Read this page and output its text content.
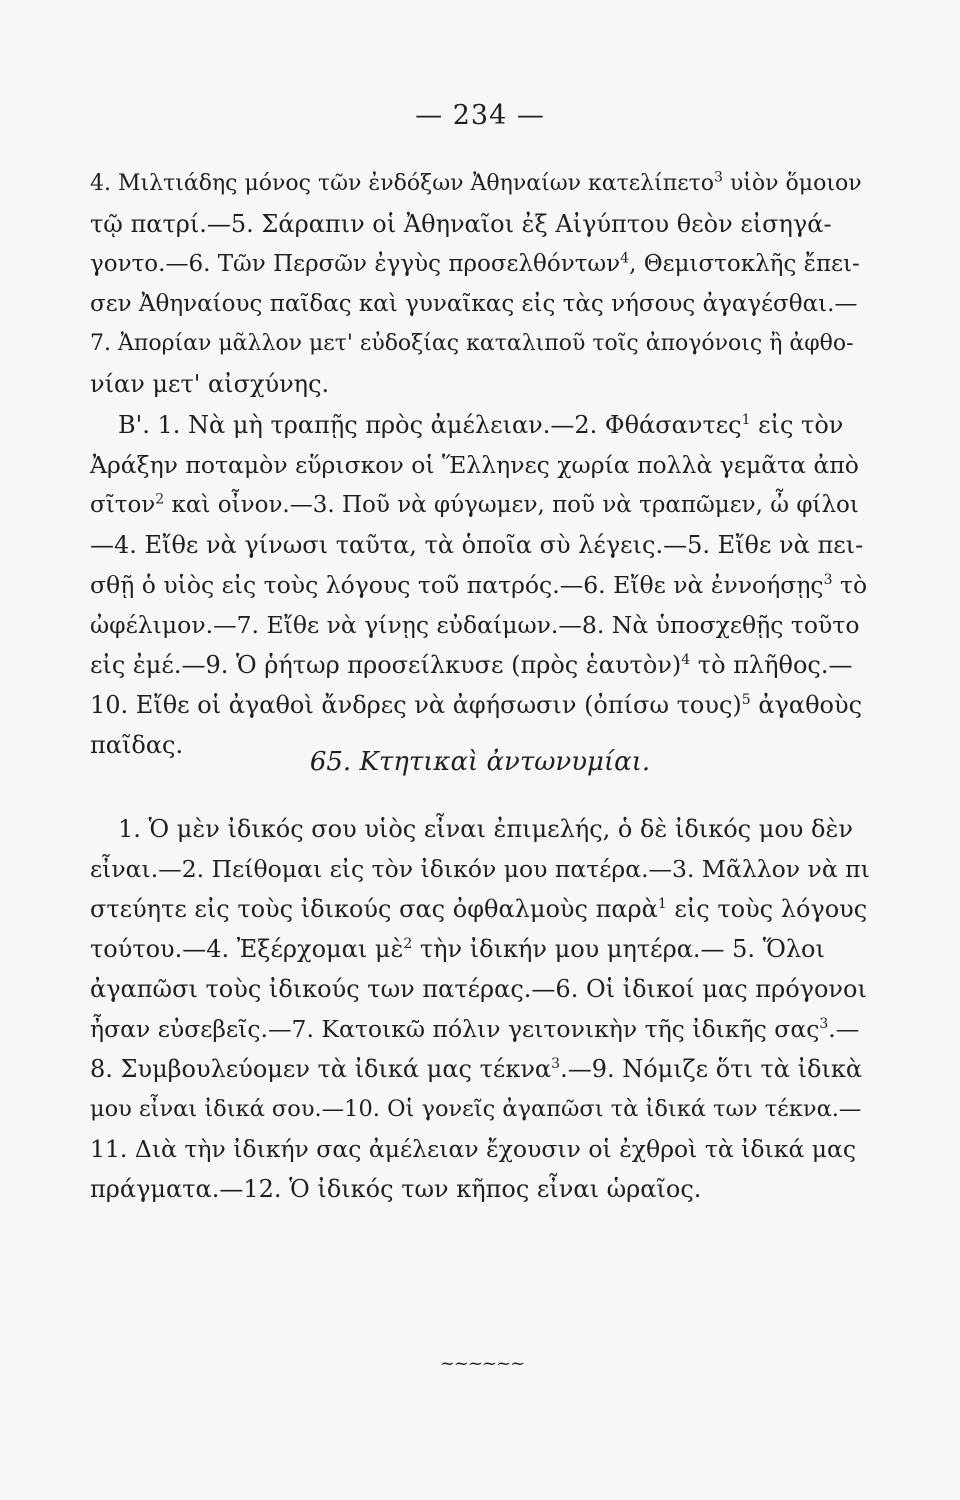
— 234 —
4. Μιλτιάδης μόνος τῶν ἐνδόξων Ἀθηναίων κατελίπετο$^3$ υἱὸν ὅμοιον
τῷ πατρί.—5. Σάραπιν οἱ Ἀθηναῖοι ἐξ Αἰγύπτου θεὸν εἰσηγά-
γοντο.—6. Τῶν Περσῶν ἐγγὺς προσελθόντων$^4$, Θεμιστοκλῆς ἔπει-
σεν Ἀθηναίους παῖδας καὶ γυναῖκας εἰς τὰς νήσους ἀγαγέσθαι.—
7. Ἀπορίαν μᾶλλον μετ' εὐδοξίας καταλιποῦ τοῖς ἀπογόνοις ἢ ἀφθο-
νίαν μετ' αἰσχύνης.
Β'. 1. Νὰ μὴ τραπῇς πρὸς ἀμέλειαν.—2. Φθάσαντες$^1$ εἰς τὸν
Ἀράξην ποταμὸν εὕρισκον οἱ Ἕλληνες χωρία πολλὰ γεμᾶτα ἀπὸ
σῖτον$^2$ καὶ οἶνον.—3. Ποῦ νὰ φύγωμεν, ποῦ νὰ τραπῶμεν, ὦ φίλοι
—4. Εἴθε νὰ γίνωσι ταῦτα, τὰ ὁποῖα σὺ λέγεις.—5. Εἴθε νὰ πει-
σθῇ ὁ υἱὸς εἰς τοὺς λόγους τοῦ πατρός.—6. Εἴθε νὰ ἐννοήσῃς$^3$ τὸ
ὠφέλιμον.—7. Εἴθε νὰ γίνῃς εὐδαίμων.—8. Νὰ ὑποσχεθῇς τοῦτο
εἰς ἐμέ.—9. Ὁ ῥήτωρ προσείλκυσε (πρὸς ἑαυτὸν)$^4$ τὸ πλῆθος.—
10. Εἴθε οἱ ἀγαθοὶ ἄνδρες νὰ ἀφήσωσιν (ὀπίσω τους)$^5$ ἀγαθοὺς
παῖδας.
65. Κτητικαὶ ἀντωνυμίαι.
1. Ὁ μὲν ἰδικός σου υἱὸς εἶναι ἐπιμελής, ὁ δὲ ἰδικός μου δὲν
εἶναι.—2. Πείθομαι εἰς τὸν ἰδικόν μου πατέρα.—3. Μᾶλλον νὰ πι
στεύητε εἰς τοὺς ἰδικούς σας ὀφθαλμοὺς παρὰ$^1$ εἰς τοὺς λόγους
τούτου.—4. Ἐξέρχομαι μὲ$^2$ τὴν ἰδικήν μου μητέρα.— 5. Ὅλοι
ἀγαπῶσι τοὺς ἰδικούς των πατέρας.—6. Οἱ ἰδικοί μας πρόγονοι
ἦσαν εὐσεβεῖς.—7. Κατοικῶ πόλιν γειτονικὴν τῆς ἰδικῆς σας$^3$.—
8. Συμβουλεύομεν τὰ ἰδικά μας τέκνα$^3$.—9. Νόμιζε ὅτι τὰ ἰδικὰ
μου εἶναι ἰδικά σου.—10. Οἱ γονεῖς ἀγαπῶσι τὰ ἰδικά των τέκνα.—
11. Διὰ τὴν ἰδικήν σας ἀμέλειαν ἔχουσιν οἱ ἐχθροὶ τὰ ἰδικά μας
πράγματα.—12. Ὁ ἰδικός των κῆπος εἶναι ὡραῖος.
~~~~~~
